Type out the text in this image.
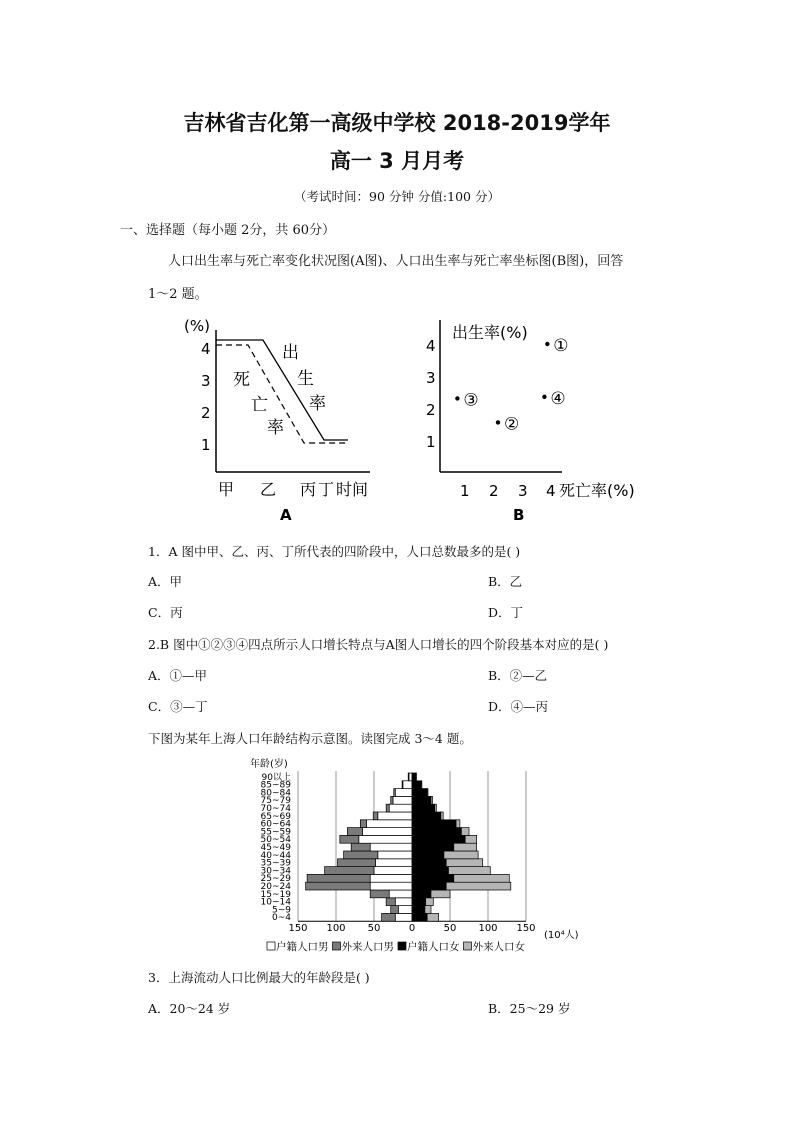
吉林省吉化第一高级中学校 2018-2019学年
高一 3 月月考
（考试时间：90 分钟 分值:100 分）
一、选择题（每小题 2分，共 60分）
人口出生率与死亡率变化状况图(A图)、人口出生率与死亡率坐标图(B图)，回答
1～2 题。
(%)
4
3
2
1
出
生
率
死
亡
率
甲 乙 丙 丁 时间
A
出生率(%)
4
3
2
1
1 2 3 4 死亡率(%)
B
①
②
③	④
1．A 图中甲、乙、丙、丁所代表的四阶段中，人口总数最多的是( )
A．甲	B．乙
C．丙	D．丁
2.B 图中①②③④四点所示人口增长特点与A图人口增长的四个阶段基本对应的是( )
A．①—甲	B．②—乙
C．③—丁	D．④—丙
下图为某年上海人口年龄结构示意图。读图完成 3～4 题。
年龄(岁)
0~4
5~9
10~14
15~19
20~24
25~29
30~34
35~39
40~44
45~49
50~54
55~59
60~64
65~69
70~74
75~79
80~84
85~89
90以上
150 100 50	0	50 100 150
(10⁴人)
户籍人口男 外来人口男 户籍人口女 外来人口女
3．上海流动人口比例最大的年龄段是( )
A．20～24 岁	B．25～29 岁
